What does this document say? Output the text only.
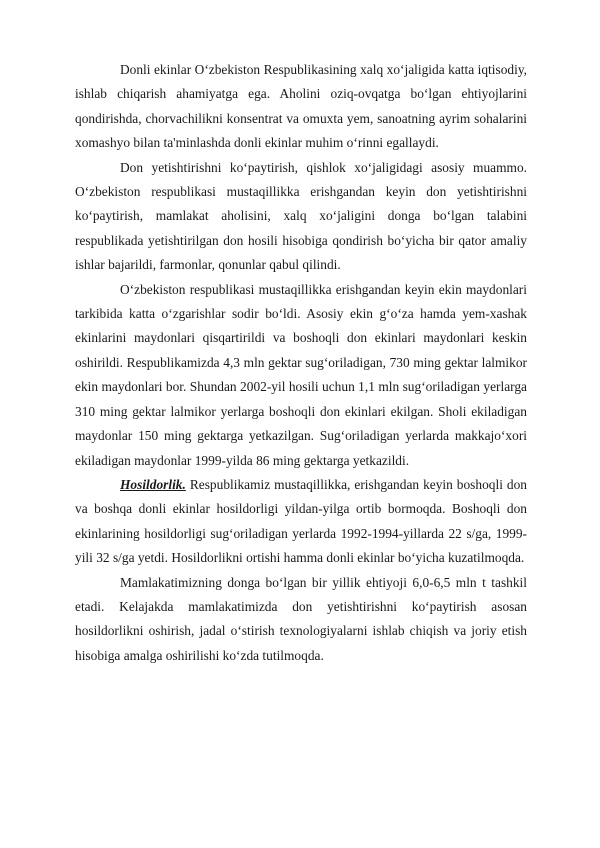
Donli ekinlar O‘zbekiston Respublikasining xalq xo‘jaligida katta iqtisodiy, ishlab chiqarish ahamiyatga ega. Aholini oziq-ovqatga bo‘lgan ehtiyojlarini qondirishda, chorvachilikni konsentrat va omuxta yem, sanoatning ayrim sohalarini xomashyo bilan ta'minlashda donli ekinlar muhim o‘rinni egallaydi.

Don yetishtirishni ko‘paytirish, qishlok xo‘jaligidagi asosiy muammo. O‘zbekiston respublikasi mustaqillikka erishgandan keyin don yetishtirishni ko‘paytirish, mamlakat aholisini, xalq xo‘jaligini donga bo‘lgan talabini respublikada yetishtirilgan don hosili hisobiga qondirish bo‘yicha bir qator amaliy ishlar bajarildi, farmonlar, qonunlar qabul qilindi.

O‘zbekiston respublikasi mustaqillikka erishgandan keyin ekin maydonlari tarkibida katta o‘zgarishlar sodir bo‘ldi. Asosiy ekin g‘o‘za hamda yem-xashak ekinlarini maydonlari qisqartirildi va boshoqli don ekinlari maydonlari keskin oshirildi. Respublikamizda 4,3 mln gektar sug‘oriladigan, 730 ming gektar lalmikor ekin maydonlari bor. Shundan 2002-yil hosili uchun 1,1 mln sug‘oriladigan yerlarga 310 ming gektar lalmikor yerlarga boshoqli don ekinlari ekilgan. Sholi ekiladigan maydonlar 150 ming gektarga yetkazilgan. Sug‘oriladigan yerlarda makkajo‘xori ekiladigan maydonlar 1999-yilda 86 ming gektarga yetkazildi.

Hosildorlik. Respublikamiz mustaqillikka, erishgandan keyin boshoqli don va boshqa donli ekinlar hosildorligi yildan-yilga ortib bormoqda. Boshoqli don ekinlarining hosildorligi sug‘oriladigan yerlarda 1992-1994-yillarda 22 s/ga, 1999-yili 32 s/ga yetdi. Hosildorlikni ortishi hamma donli ekinlar bo‘yicha kuzatilmoqda.

Mamlakatimizning donga bo‘lgan bir yillik ehtiyoji 6,0-6,5 mln t tashkil etadi. Kelajakda mamlakatimizda don yetishtirishni ko‘paytirish asosan hosildorlikni oshirish, jadal o‘stirish texnologiyalarni ishlab chiqish va joriy etish hisobiga amalga oshirilishi ko‘zda tutilmoqda.
